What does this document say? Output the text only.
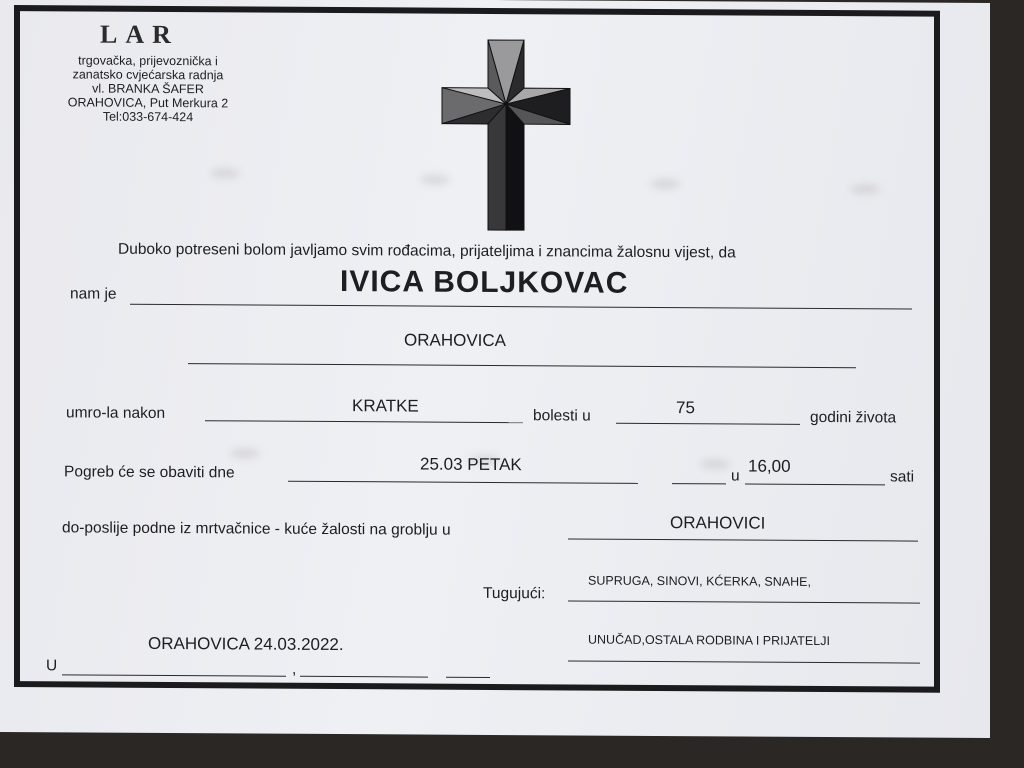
LAR
trgovačka, prijevoznička i
zanatsko cvjećarska radnja
vl. BRANKA ŠAFER
ORAHOVICA, Put Merkura 2
Tel:033-674-424
Duboko potreseni bolom javljamo svim rođacima, prijateljima i znancima žalosnu vijest, da
nam je	IVICA BOLJKOVAC
ORAHOVICA
umro-la nakon	KRATKE
bolesti u	75
godini života
Pogreb će se obaviti dne	25.03 PETAK
u
16,00
sati
do-poslije podne iz mrtvačnice - kuće žalosti na groblju u	ORAHOVICI
Tugujući:
SUPRUGA, SINOVI, KĆERKA, SNAHE,
UNUČAD,OSTALA RODBINA I PRIJATELJI
U
ORAHOVICA 24.03.2022.
,
